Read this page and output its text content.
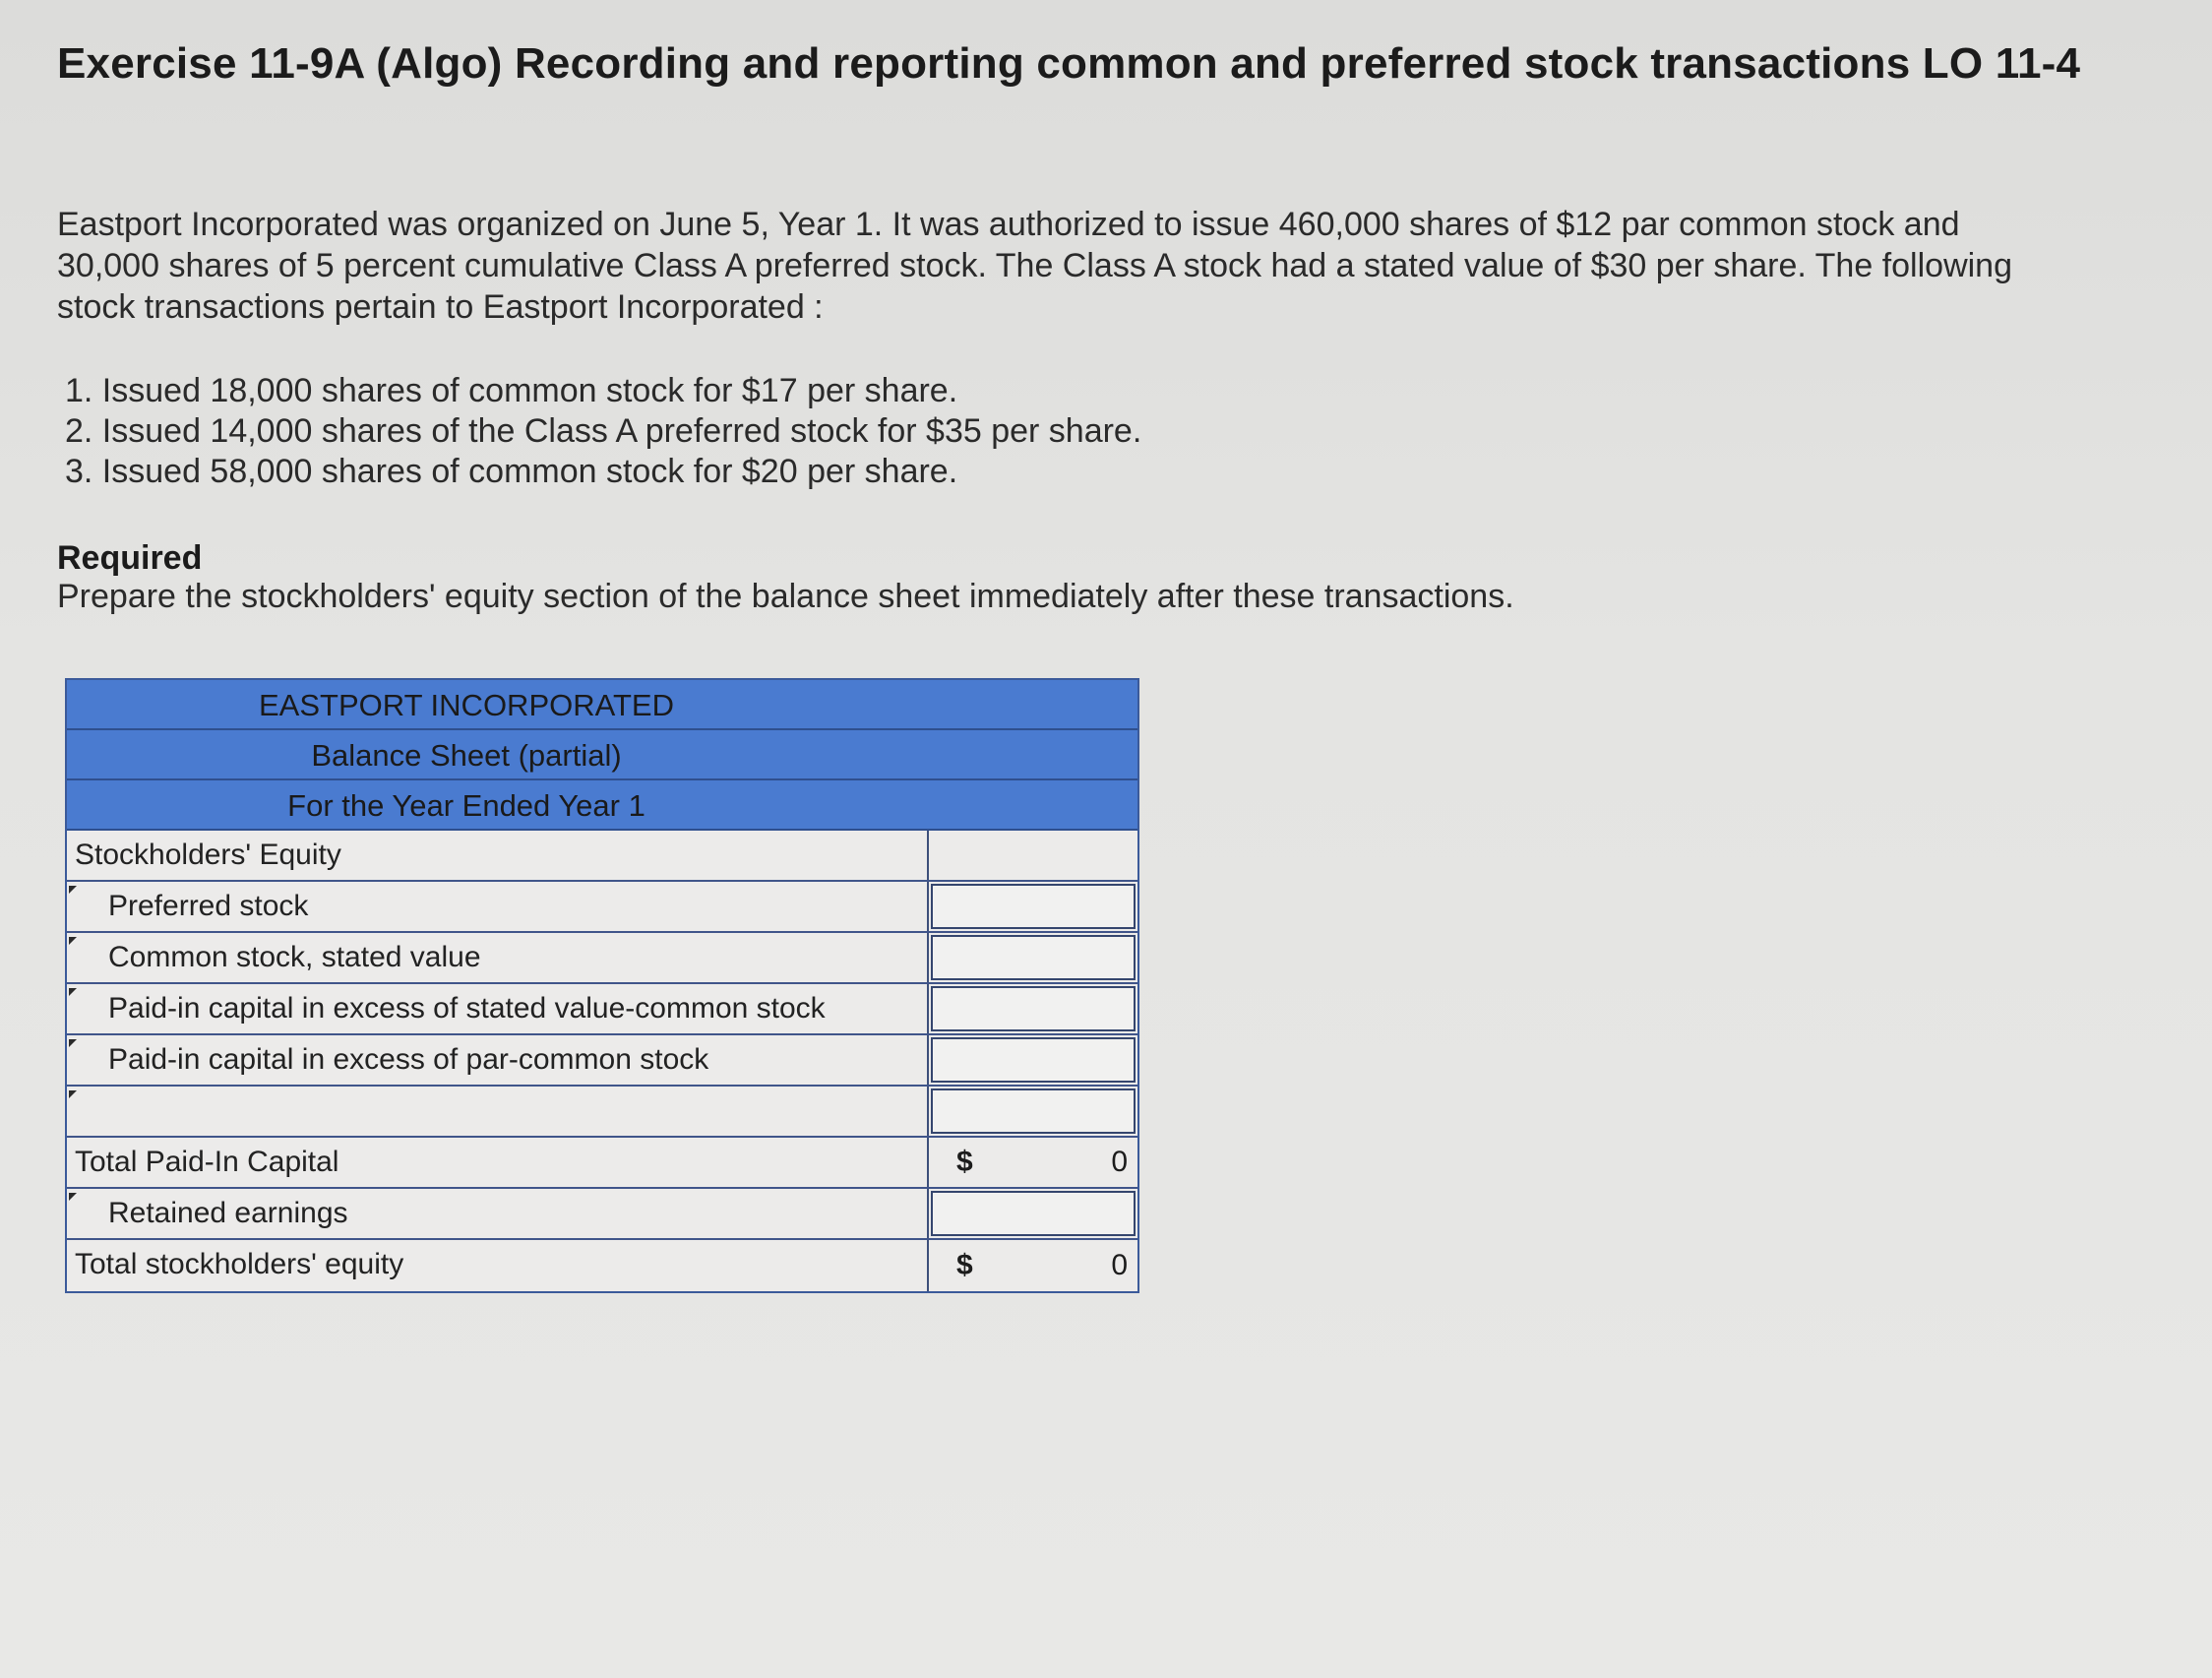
Exercise 11-9A (Algo) Recording and reporting common and preferred stock transactions LO 11-4

Eastport Incorporated was organized on June 5, Year 1. It was authorized to issue 460,000 shares of $12 par common stock and

30,000 shares of 5 percent cumulative Class A preferred stock. The Class A stock had a stated value of $30 per share. The following

stock transactions pertain to Eastport Incorporated :

1. Issued 18,000 shares of common stock for $17 per share.
2. Issued 14,000 shares of the Class A preferred stock for $35 per share.
3. Issued 58,000 shares of common stock for $20 per share.
Required
Prepare the stockholders' equity section of the balance sheet immediately after these transactions.
EASTPORT INCORPORATED
Balance Sheet (partial)
For the Year Ended Year 1
Stockholders' Equity
Preferred stock
Common stock, stated value
Paid-in capital in excess of stated value-common stock
Paid-in capital in excess of par-common stock
Total Paid-In Capital	$	0
Retained earnings
Total stockholders' equity	$	0
